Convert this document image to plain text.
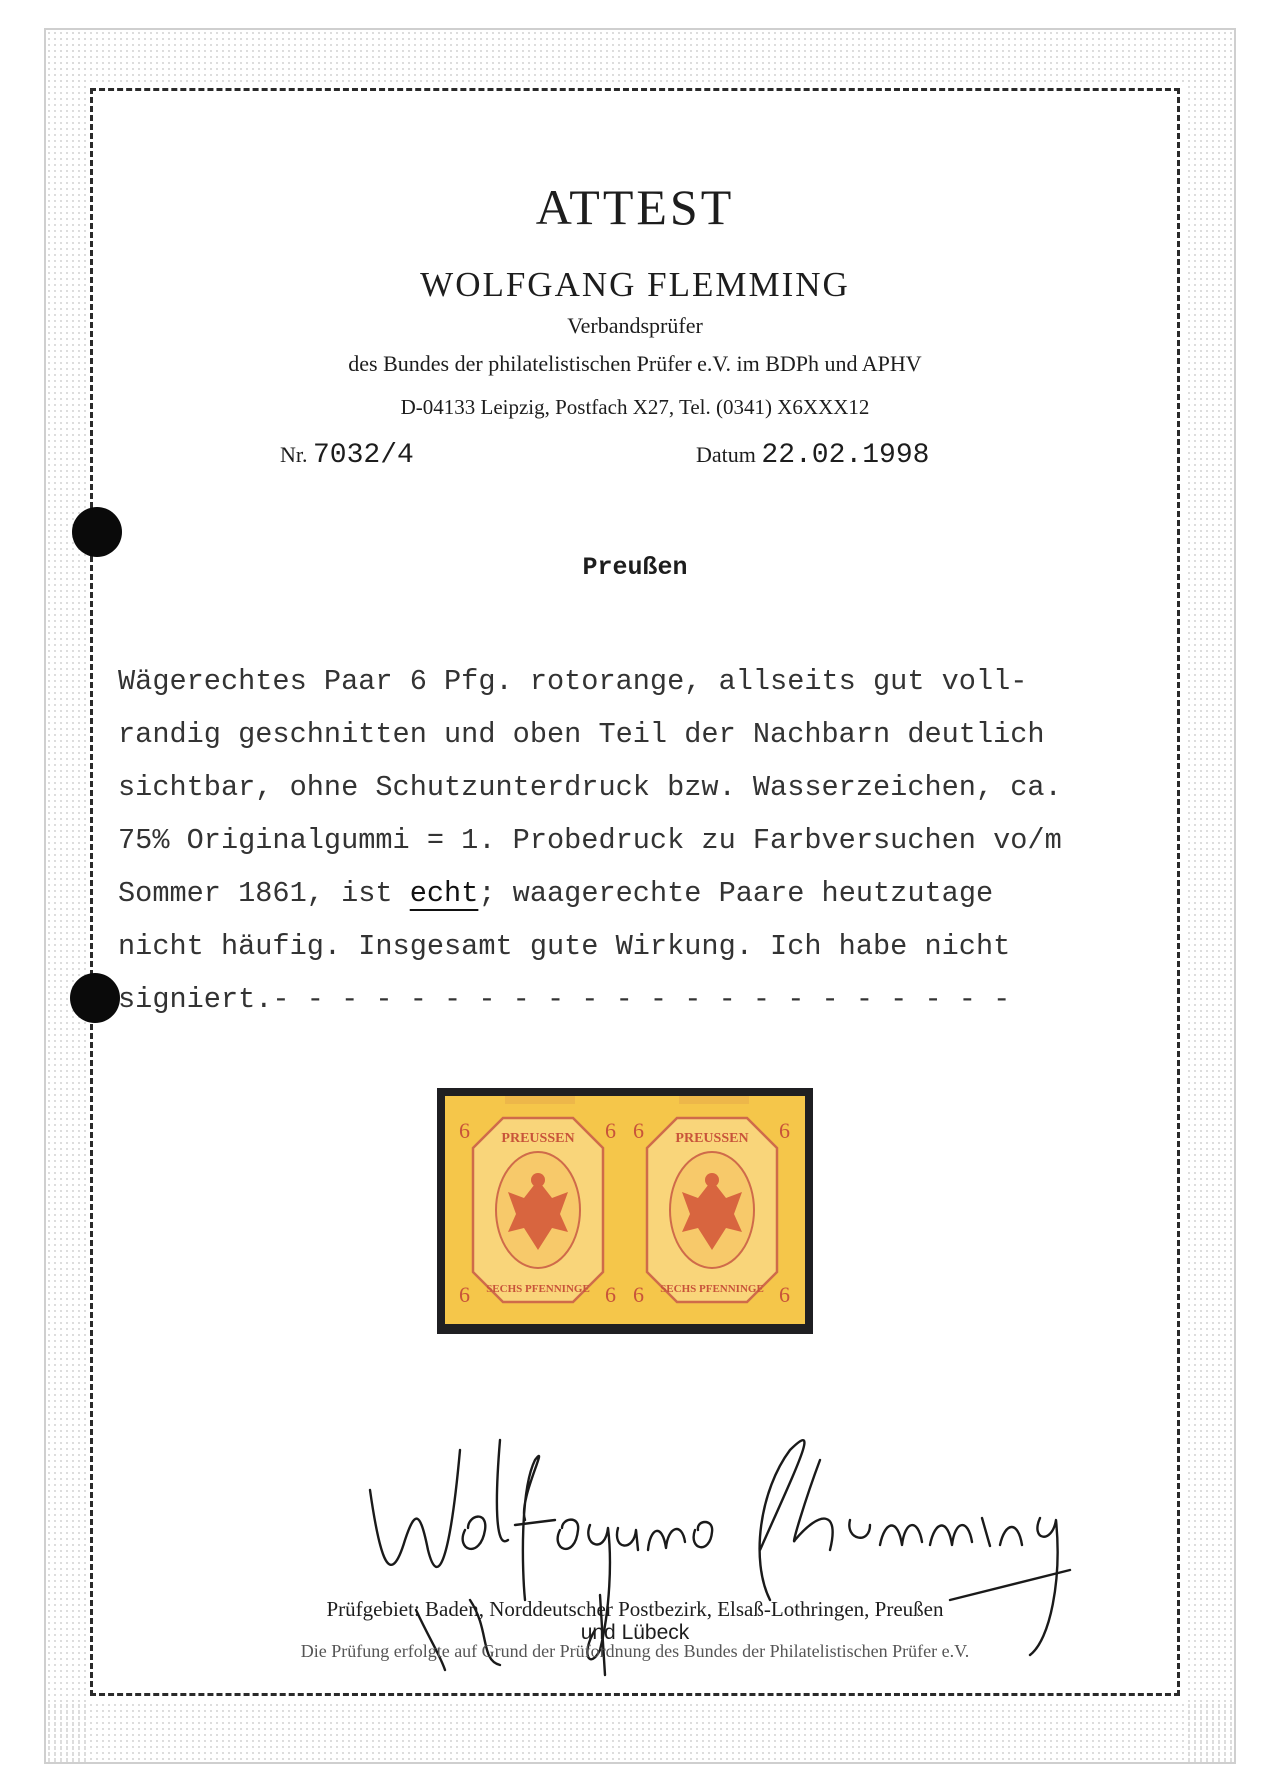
ATTEST
WOLFGANG FLEMMING
Verbandsprüfer
des Bundes der philatelistischen Prüfer e.V. im BDPh und APHV
D-04133 Leipzig, Postfach X27, Tel. (0341) X6XXX12
Nr. 7032/4	Datum 22.02.1998
Preußen
Wägerechtes Paar 6 Pfg. rotorange, allseits gut voll-
randig geschnitten und oben Teil der Nachbarn deutlich
sichtbar, ohne Schutzunterdruck bzw. Wasserzeichen, ca.
75% Originalgummi = 1. Probedruck zu Farbversuchen vo/m
Sommer 1861, ist echt; waagerechte Paare heutzutage
nicht häufig. Insgesamt gute Wirkung. Ich habe nicht
signiert.- - - - - - - - - - - - - - - - - - - - - -
PREUSSEN
SECHS PFENNINGE
6	6
6	6
PREUSSEN
SECHS PFENNINGE
6	6
6	6
Prüfgebiet: Baden, Norddeutscher Postbezirk, Elsaß-Lothringen, Preußen
und Lübeck
Die Prüfung erfolgte auf Grund der Prüfordnung des Bundes der Philatelistischen Prüfer e.V.
